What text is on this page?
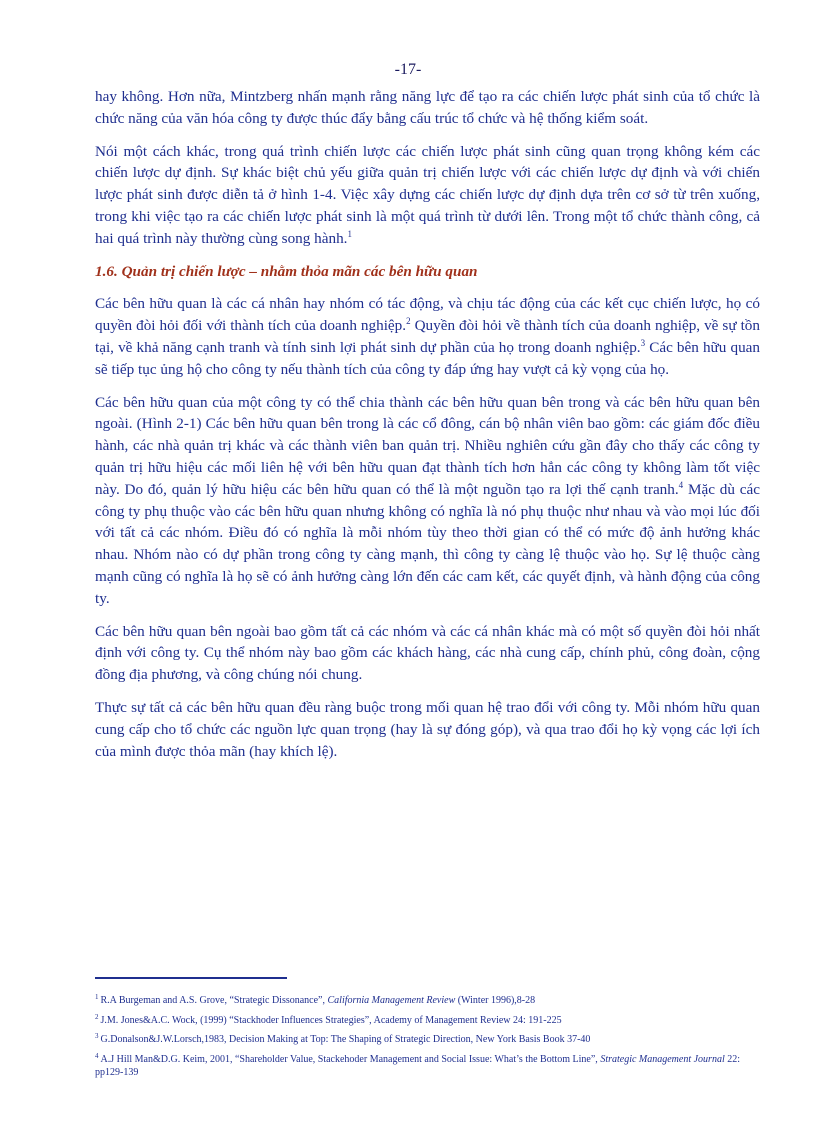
-17-

hay không. Hơn nữa, Mintzberg nhấn mạnh rằng năng lực để tạo ra các chiến lược phát sinh của tổ chức là chức năng của văn hóa công ty được thúc đẩy bằng cấu trúc tổ chức và hệ thống kiểm soát.

Nói một cách khác, trong quá trình chiến lược các chiến lược phát sinh cũng quan trọng không kém các chiến lược dự định. Sự khác biệt chủ yếu giữa quản trị chiến lược với các chiến lược dự định và với chiến lược phát sinh được diễn tả ở hình 1-4. Việc xây dựng các chiến lược dự định dựa trên cơ sở từ trên xuống, trong khi việc tạo ra các chiến lược phát sinh là một quá trình từ dưới lên. Trong một tổ chức thành công, cả hai quá trình này thường cùng song hành.$^1$

1.6. Quản trị chiến lược – nhằm thỏa mãn các bên hữu quan

Các bên hữu quan là các cá nhân hay nhóm có tác động, và chịu tác động của các kết cục chiến lược, họ có quyền đòi hỏi đối với thành tích của doanh nghiệp.$^2$ Quyền đòi hỏi về thành tích của doanh nghiệp, về sự tồn tại, về khả năng cạnh tranh và tính sinh lợi phát sinh dự phần của họ trong doanh nghiệp.$^3$ Các bên hữu quan sẽ tiếp tục ủng hộ cho công ty nếu thành tích của công ty đáp ứng hay vượt cả kỳ vọng của họ.

Các bên hữu quan của một công ty có thể chia thành các bên hữu quan bên trong và các bên hữu quan bên ngoài. (Hình 2-1) Các bên hữu quan bên trong là các cổ đông, cán bộ nhân viên bao gồm: các giám đốc điều hành, các nhà quản trị khác và các thành viên ban quản trị. Nhiều nghiên cứu gần đây cho thấy các công ty quản trị hữu hiệu các mối liên hệ với bên hữu quan đạt thành tích hơn hẳn các công ty không làm tốt việc này. Do đó, quản lý hữu hiệu các bên hữu quan có thể là một nguồn tạo ra lợi thế cạnh tranh.$^4$ Mặc dù các công ty phụ thuộc vào các bên hữu quan nhưng không có nghĩa là nó phụ thuộc như nhau và vào mọi lúc đối với tất cả các nhóm. Điều đó có nghĩa là mỗi nhóm tùy theo thời gian có thể có mức độ ảnh hưởng khác nhau. Nhóm nào có dự phần trong công ty càng mạnh, thì công ty càng lệ thuộc vào họ. Sự lệ thuộc càng mạnh cũng có nghĩa là họ sẽ có ảnh hưởng càng lớn đến các cam kết, các quyết định, và hành động của công ty.

Các bên hữu quan bên ngoài bao gồm tất cả các nhóm và các cá nhân khác mà có một số quyền đòi hỏi nhất định với công ty. Cụ thể nhóm này bao gồm các khách hàng, các nhà cung cấp, chính phủ, công đoàn, cộng đồng địa phương, và công chúng nói chung.

Thực sự tất cả các bên hữu quan đều ràng buộc trong mối quan hệ trao đổi với công ty. Mỗi nhóm hữu quan cung cấp cho tổ chức các nguồn lực quan trọng (hay là sự đóng góp), và qua trao đổi họ kỳ vọng các lợi ích của mình được thỏa mãn (hay khích lệ).

$^1$ R.A Burgeman and A.S. Grove, “Strategic Dissonance”, California Management Review (Winter 1996),8-28
$^2$ J.M. Jones&A.C. Wock, (1999) “Stackhoder Influences Strategies”, Academy of Management Review 24: 191-225
$^3$ G.Donalson&J.W.Lorsch,1983, Decision Making at Top: The Shaping of Strategic Direction, New York Basis Book 37-40
$^4$ A.J Hill Man&D.G. Keim, 2001, “Shareholder Value, Stackehoder Management and Social Issue: What’s the Bottom Line”, Strategic Management Journal 22: pp129-139
